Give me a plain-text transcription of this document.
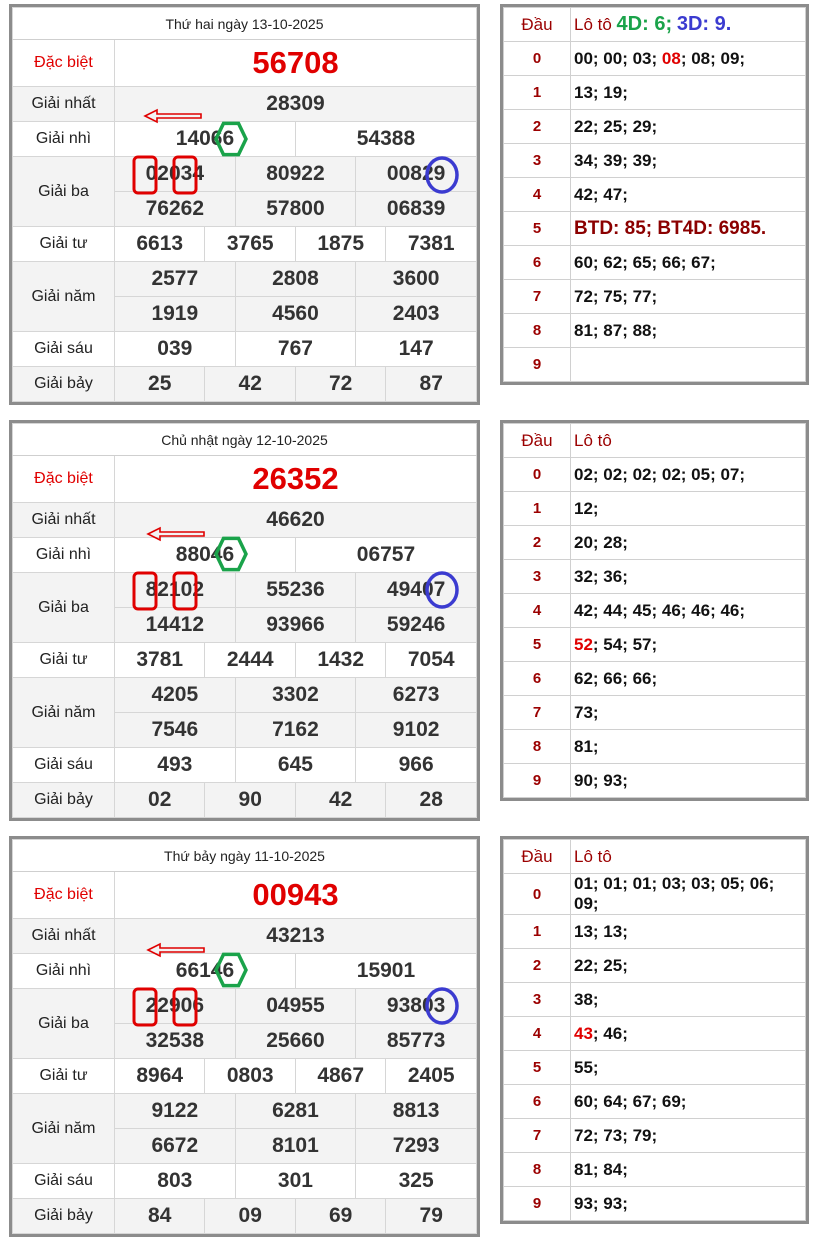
Thứ hai ngày 13-10-2025						
Đặc biệt	56708					
Giải nhất	28309					
Giải nhì	14066			54388		
Giải ba	02034		80922		00829	
	76262		57800		06839	
Giải tư	6613	3765		1875		7381
Giải năm	2577		2808		3600	
	1919		4560		2403	
Giải sáu	039		767		147	
Giải bảy	25	42		72		87
Đầu	Lô tô 4D: 6; 3D: 9.
0	00; 00; 03; 08; 08; 09;
1	13; 19;
2	22; 25; 29;
3	34; 39; 39;
4	42; 47;
5	BTD: 85; BT4D: 6985.
6	60; 62; 65; 66; 67;
7	72; 75; 77;
8	81; 87; 88;
9	
Chủ nhật ngày 12-10-2025						
Đặc biệt	26352					
Giải nhất	46620					
Giải nhì	88046			06757		
Giải ba	82102		55236		49407	
	14412		93966		59246	
Giải tư	3781	2444		1432		7054
Giải năm	4205		3302		6273	
	7546		7162		9102	
Giải sáu	493		645		966	
Giải bảy	02	90		42		28
Đầu	Lô tô
0	02; 02; 02; 02; 05; 07;
1	12;
2	20; 28;
3	32; 36;
4	42; 44; 45; 46; 46; 46;
5	52; 54; 57;
6	62; 66; 66;
7	73;
8	81;
9	90; 93;
Thứ bảy ngày 11-10-2025						
Đặc biệt	00943					
Giải nhất	43213					
Giải nhì	66146			15901		
Giải ba	22906		04955		93803	
	32538		25660		85773	
Giải tư	8964	0803		4867		2405
Giải năm	9122		6281		8813	
	6672		8101		7293	
Giải sáu	803		301		325	
Giải bảy	84	09		69		79
Đầu	Lô tô
0	01; 01; 01; 03; 03; 05; 06; 09;
1	13; 13;
2	22; 25;
3	38;
4	43; 46;
5	55;
6	60; 64; 67; 69;
7	72; 73; 79;
8	81; 84;
9	93; 93;
